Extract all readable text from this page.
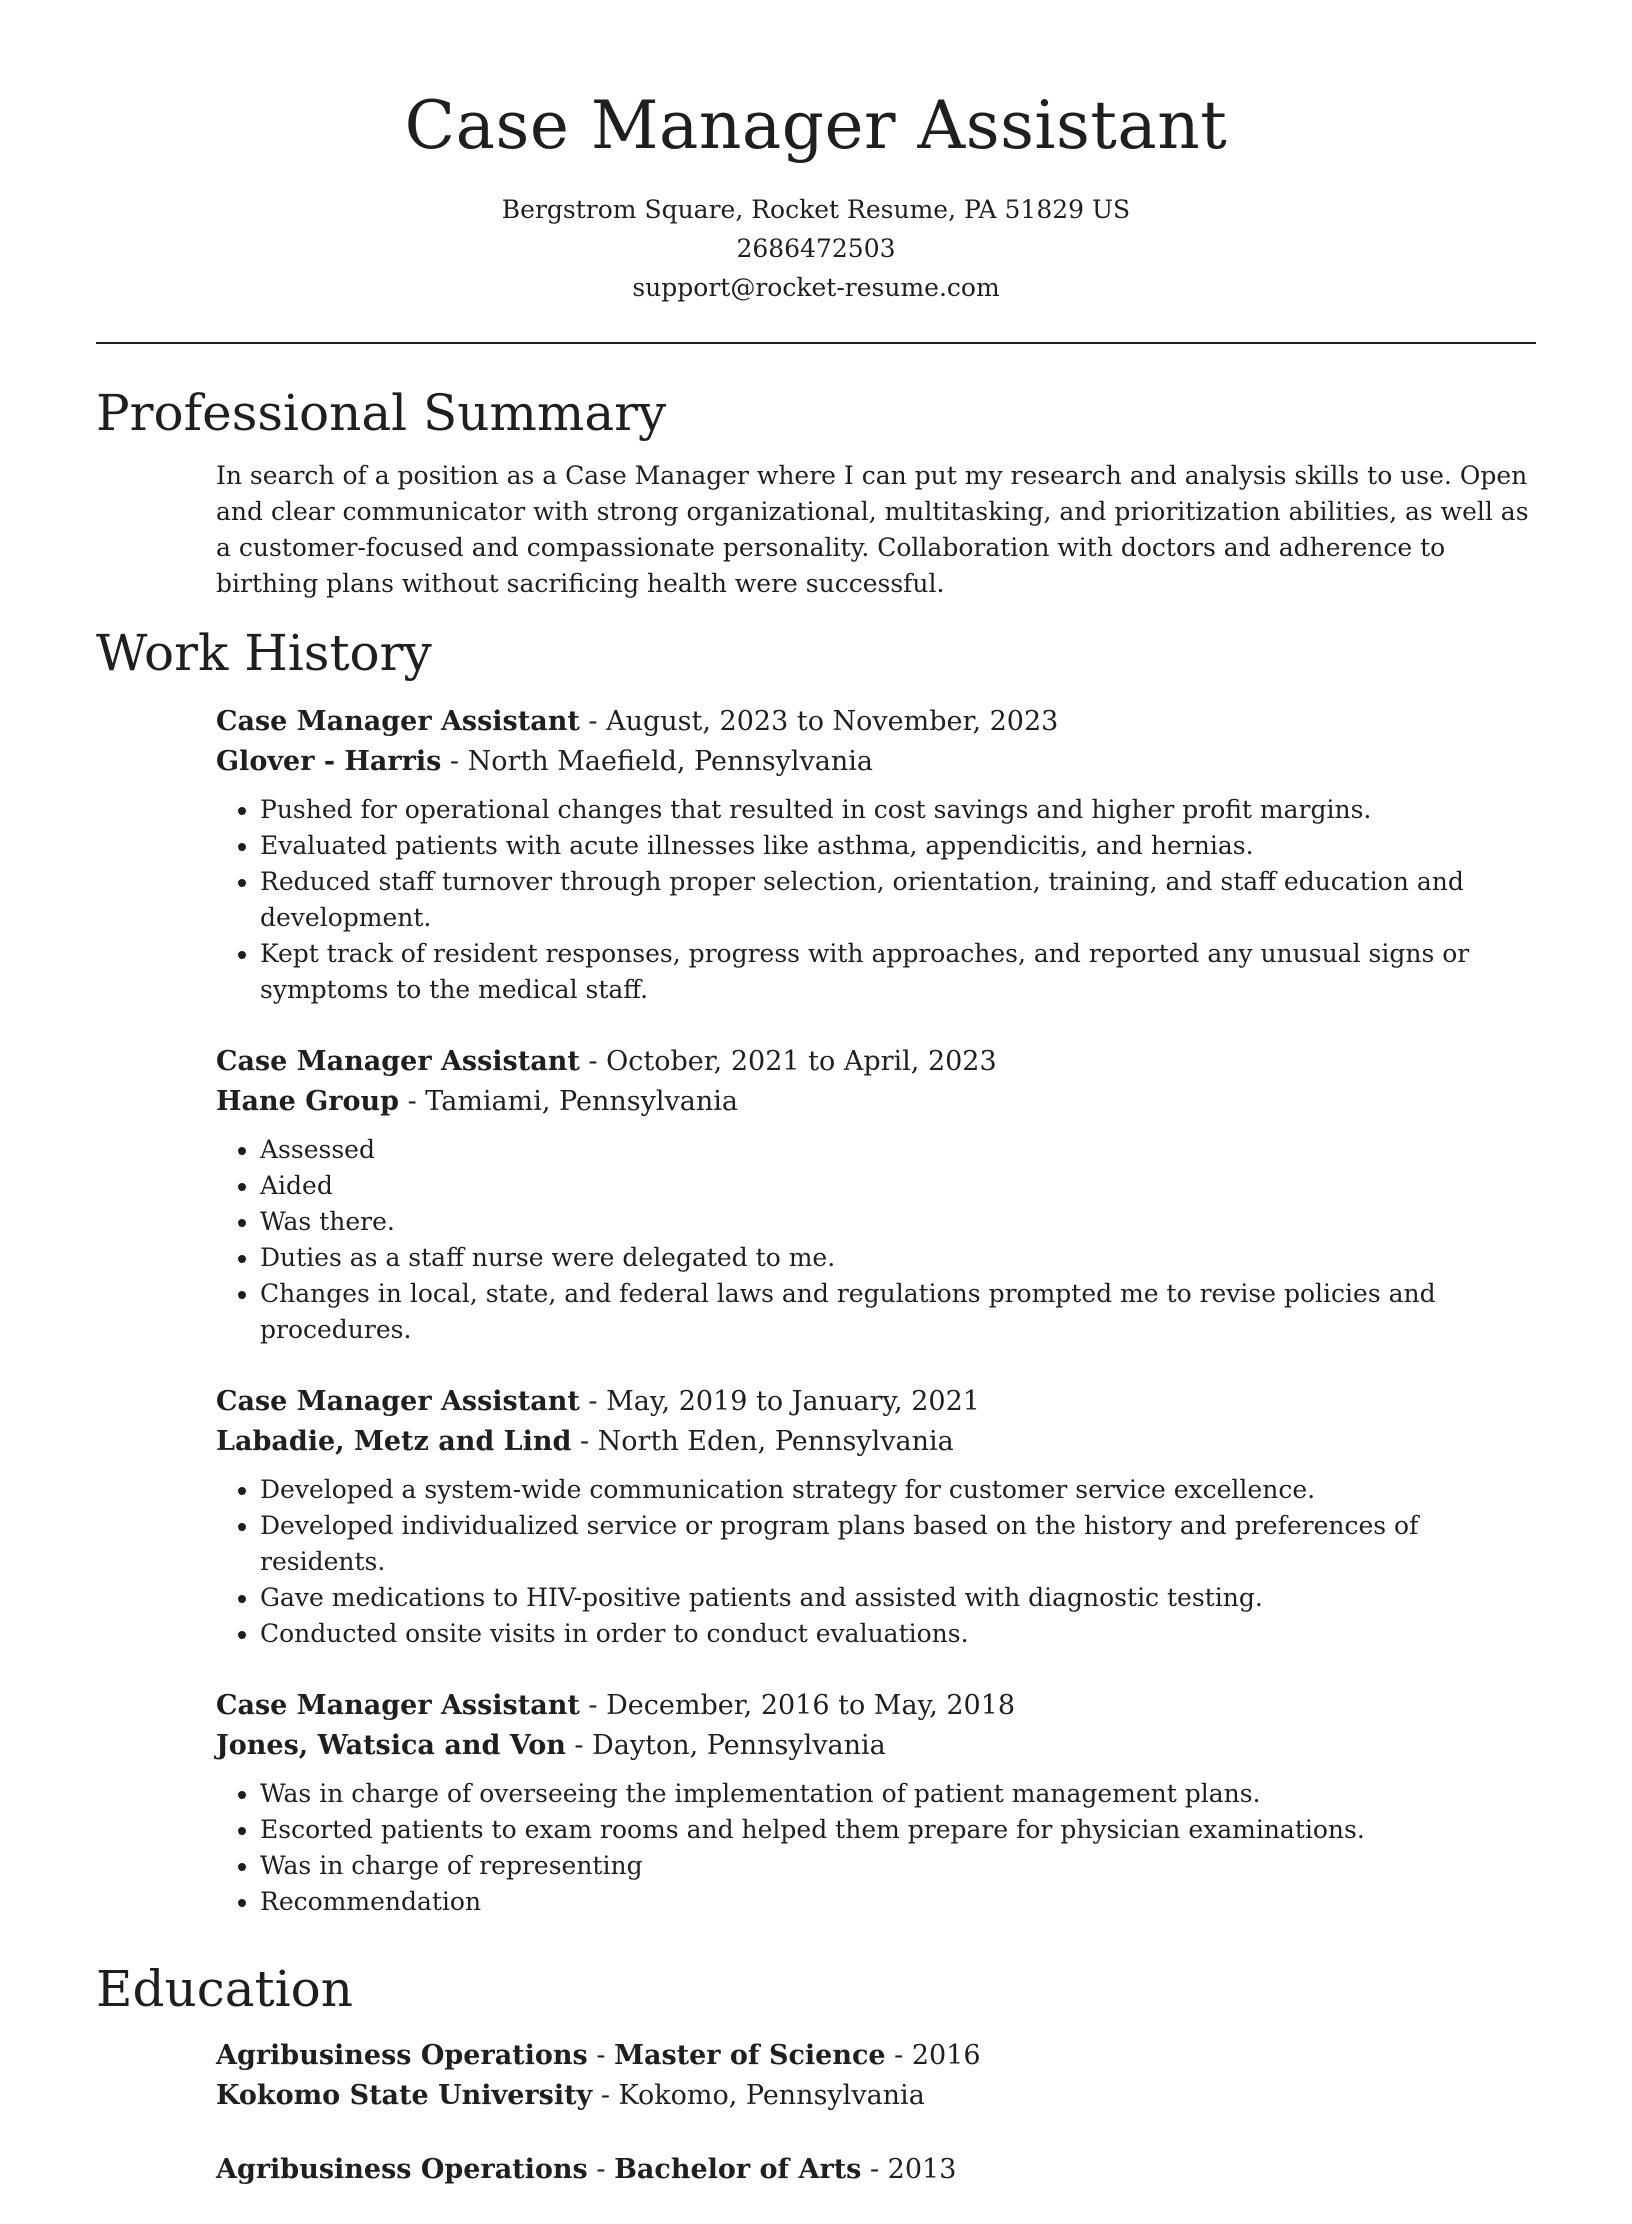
Case Manager Assistant
Bergstrom Square, Rocket Resume, PA 51829 US
2686472503
support@rocket-resume.com
Professional Summary

In search of a position as a Case Manager where I can put my research and analysis skills to use. Open and clear communicator with strong organizational, multitasking, and prioritization abilities, as well as a customer-focused and compassionate personality. Collaboration with doctors and adherence to birthing plans without sacrificing health were successful.

Work History
Case Manager Assistant - August, 2023 to November, 2023
Glover - Harris - North Maefield, Pennsylvania
• Pushed for operational changes that resulted in cost savings and higher profit margins.
• Evaluated patients with acute illnesses like asthma, appendicitis, and hernias.
• Reduced staff turnover through proper selection, orientation, training, and staff education and development.
• Kept track of resident responses, progress with approaches, and reported any unusual signs or symptoms to the medical staff.
Case Manager Assistant - October, 2021 to April, 2023
Hane Group - Tamiami, Pennsylvania
• Assessed
• Aided
• Was there.
• Duties as a staff nurse were delegated to me.
• Changes in local, state, and federal laws and regulations prompted me to revise policies and procedures.
Case Manager Assistant - May, 2019 to January, 2021
Labadie, Metz and Lind - North Eden, Pennsylvania
• Developed a system-wide communication strategy for customer service excellence.
• Developed individualized service or program plans based on the history and preferences of residents.
• Gave medications to HIV-positive patients and assisted with diagnostic testing.
• Conducted onsite visits in order to conduct evaluations.
Case Manager Assistant - December, 2016 to May, 2018
Jones, Watsica and Von - Dayton, Pennsylvania
• Was in charge of overseeing the implementation of patient management plans.
• Escorted patients to exam rooms and helped them prepare for physician examinations.
• Was in charge of representing
• Recommendation
Education
Agribusiness Operations - Master of Science - 2016
Kokomo State University - Kokomo, Pennsylvania
Agribusiness Operations - Bachelor of Arts - 2013
